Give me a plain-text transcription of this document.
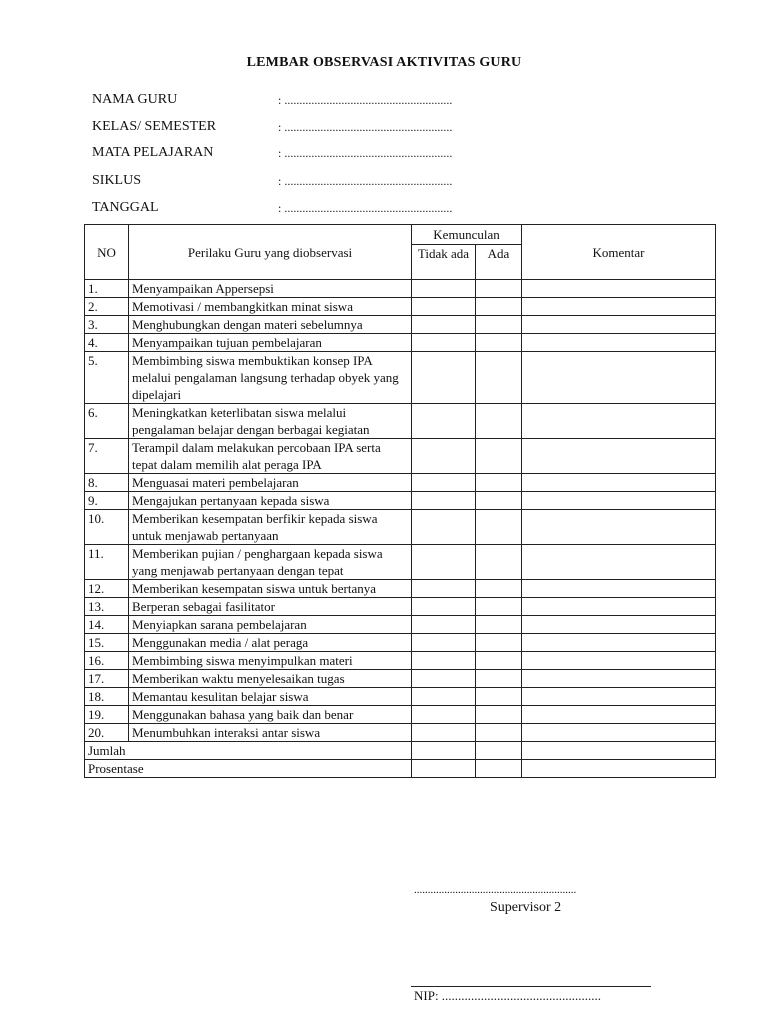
LEMBAR OBSERVASI AKTIVITAS GURU
NAMA GURU	: ........................................................
KELAS/ SEMESTER	: ........................................................
MATA PELAJARAN	: ........................................................
SIKLUS	: ........................................................
TANGGAL	: ........................................................
NO	Perilaku Guru yang diobservasi	Kemunculan		Komentar
		Tidak ada	Ada	
1.	Menyampaikan Appersepsi			
2.	Memotivasi / membangkitkan minat siswa			
3.	Menghubungkan dengan materi sebelumnya			
4.	Menyampaikan tujuan pembelajaran			
5.	Membimbing siswa membuktikan konsep IPA melalui pengalaman langsung terhadap obyek yang dipelajari			
6.	Meningkatkan keterlibatan siswa melalui pengalaman belajar dengan berbagai kegiatan			
7.	Terampil dalam melakukan percobaan IPA serta tepat dalam memilih alat peraga IPA			
8.	Menguasai materi pembelajaran			
9.	Mengajukan pertanyaan kepada siswa			
10.	Memberikan kesempatan berfikir kepada siswa untuk menjawab pertanyaan			
11.	Memberikan pujian / penghargaan kepada siswa yang menjawab pertanyaan dengan tepat			
12.	Memberikan kesempatan siswa untuk bertanya			
13.	Berperan sebagai fasilitator			
14.	Menyiapkan sarana pembelajaran			
15.	Menggunakan media / alat peraga			
16.	Membimbing siswa menyimpulkan materi			
17.	Memberikan waktu menyelesaikan tugas			
18.	Memantau kesulitan belajar siswa			
19.	Menggunakan bahasa yang baik dan benar			
20.	Menumbuhkan interaksi antar siswa			
Jumlah				
Prosentase				
...........................................................
Supervisor 2
NIP: .................................................
